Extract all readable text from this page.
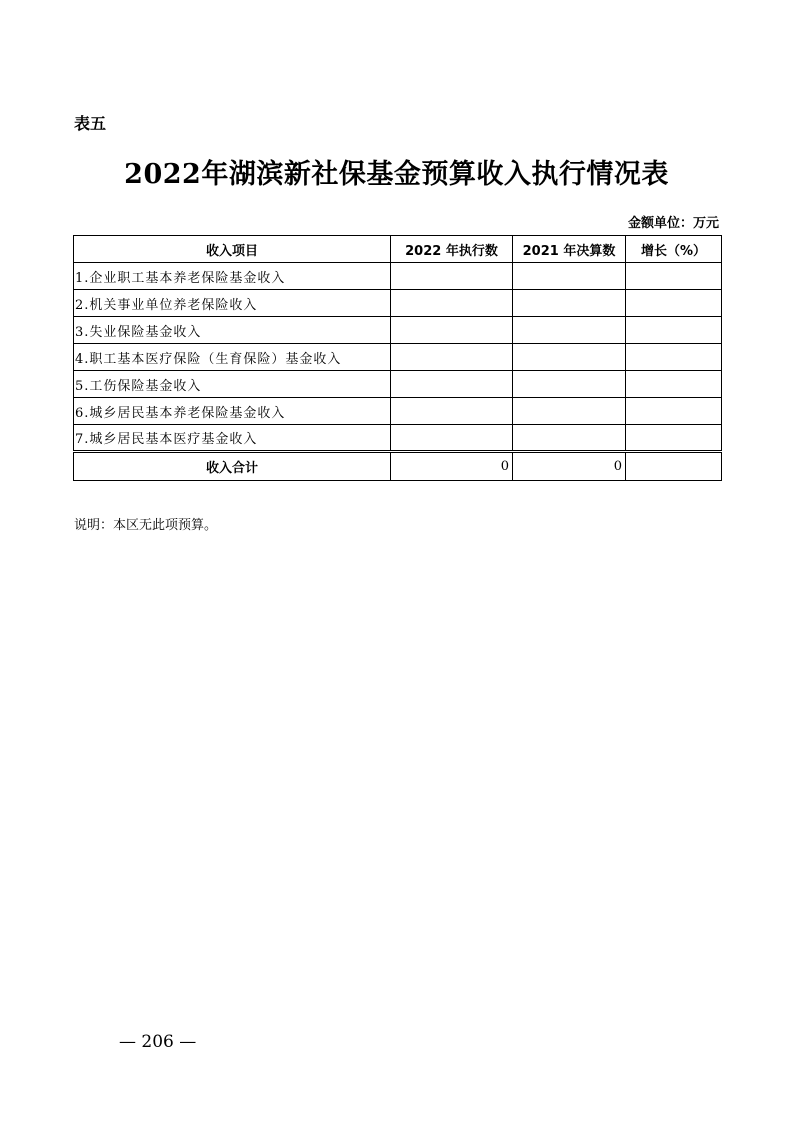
表五
2022年湖滨新社保基金预算收入执行情况表
金额单位：万元
收入项目	2022 年执行数	2021 年决算数	增长（%）
1.企业职工基本养老保险基金收入			
2.机关事业单位养老保险收入			
3.失业保险基金收入			
4.职工基本医疗保险（生育保险）基金收入			
5.工伤保险基金收入			
6.城乡居民基本养老保险基金收入			
7.城乡居民基本医疗基金收入			
收入合计	0	0	
说明：本区无此项预算。
— 206 —
